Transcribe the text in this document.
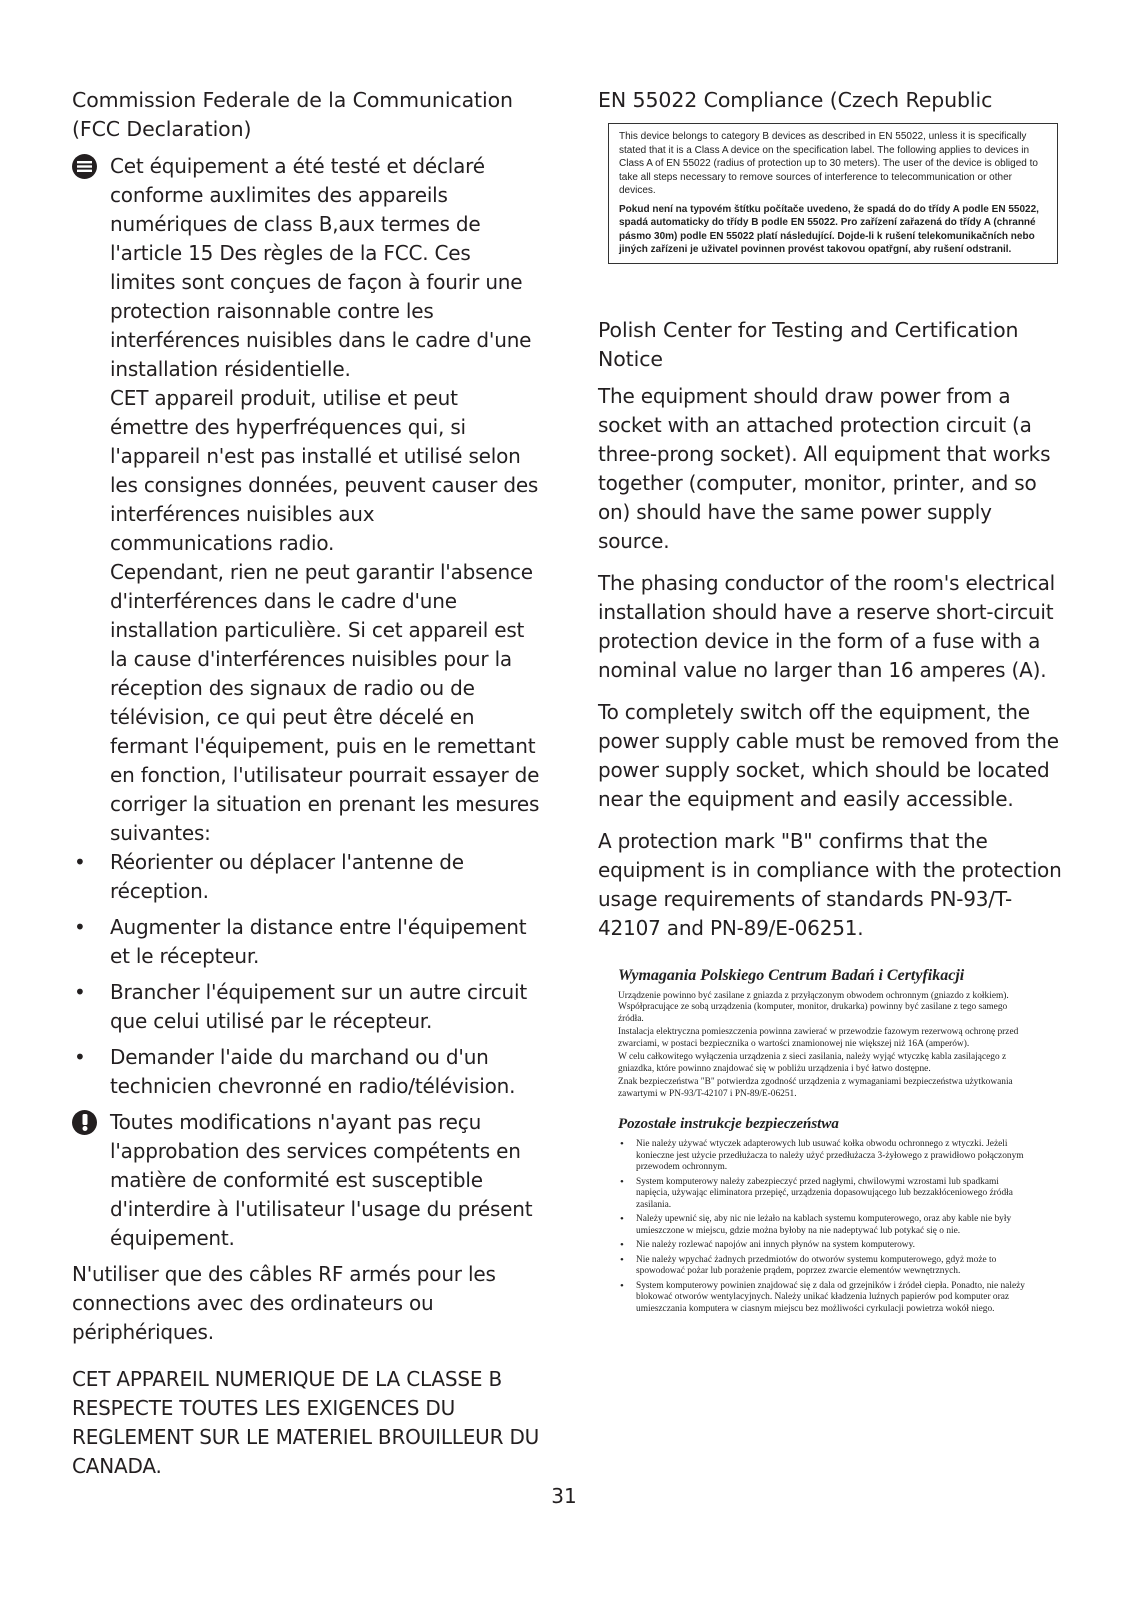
Commission Federale de la Communication (FCC Declaration)

Cet équipement a été testé et déclaré conforme auxlimites des appareils numériques de class B,aux termes de l'article 15 Des règles de la FCC. Ces limites sont conçues de façon à fourir une protection raisonnable contre les interférences nuisibles dans le cadre d'une installation résidentielle.

CET appareil produit, utilise et peut émettre des hyperfréquences qui, si l'appareil n'est pas installé et utilisé selon les consignes données, peuvent causer des interférences nuisibles aux communications radio.

Cependant, rien ne peut garantir l'absence d'interférences dans le cadre d'une installation particulière. Si cet appareil est la cause d'interférences nuisibles pour la réception des signaux de radio ou de télévision, ce qui peut être décelé en fermant l'équipement, puis en le remettant en fonction, l'utilisateur pourrait essayer de corriger la situation en prenant les mesures suivantes:

• Réorienter ou déplacer l'antenne de réception.
• Augmenter la distance entre l'équipement et le récepteur.
• Brancher l'équipement sur un autre circuit que celui utilisé par le récepteur.
• Demander l'aide du marchand ou d'un technicien chevronné en radio/télévision.

Toutes modifications n'ayant pas reçu l'approbation des services compétents en matière de conformité est susceptible d'interdire à l'utilisateur l'usage du présent équipement.

N'utiliser que des câbles RF armés pour les connections avec des ordinateurs ou périphériques.

CET APPAREIL NUMERIQUE DE LA CLASSE B RESPECTE TOUTES LES EXIGENCES DU REGLEMENT SUR LE MATERIEL BROUILLEUR DU CANADA.

EN 55022 Compliance (Czech Republic

This device belongs to category B devices as described in EN 55022, unless it is specifically stated that it is a Class A device on the specification label. The following applies to devices in Class A of EN 55022 (radius of protection up to 30 meters). The user of the device is obliged to take all steps necessary to remove sources of interference to telecommunication or other devices.

Pokud není na typovém štítku počítače uvedeno, že spadá do do třídy A podle EN 55022, spadá automaticky do třídy B podle EN 55022. Pro zařízení zařazená do třídy A (chranné pásmo 30m) podle EN 55022 platí následující. Dojde-li k rušení telekomunikačních nebo jiných zařízeni je uživatel povinnen provést takovou opatřgní, aby rušení odstranil.

Polish Center for Testing and Certification Notice

The equipment should draw power from a socket with an attached protection circuit (a three-prong socket). All equipment that works together (computer, monitor, printer, and so on) should have the same power supply source.

The phasing conductor of the room's electrical installation should have a reserve short-circuit protection device in the form of a fuse with a nominal value no larger than 16 amperes (A).

To completely switch off the equipment, the power supply cable must be removed from the power supply socket, which should be located near the equipment and easily accessible.

A protection mark "B" confirms that the equipment is in compliance with the protection usage requirements of standards PN-93/T-42107 and PN-89/E-06251.

Wymagania Polskiego Centrum Badań i Certyfikacji

Urządzenie powinno być zasilane z gniazda z przyłączonym obwodem ochronnym (gniazdo z kołkiem). Współpracujące ze sobą urządzenia (komputer, monitor, drukarka) powinny być zasilane z tego samego źródła.

Instalacja elektryczna pomieszczenia powinna zawierać w przewodzie fazowym rezerwową ochronę przed zwarciami, w postaci bezpiecznika o wartości znamionowej nie większej niż 16A (amperów).

W celu całkowitego wyłączenia urządzenia z sieci zasilania, należy wyjąć wtyczkę kabla zasilającego z gniazdka, które powinno znajdować się w pobliżu urządzenia i być łatwo dostępne.

Znak bezpieczeństwa "B" potwierdza zgodność urządzenia z wymaganiami bezpieczeństwa użytkowania zawartymi w PN-93/T-42107 i PN-89/E-06251.

Pozostałe instrukcje bezpieczeństwa
• Nie należy używać wtyczek adapterowych lub usuwać kołka obwodu ochronnego z wtyczki. Jeżeli konieczne jest użycie przedłużacza to należy użyć przedłużacza 3-żyłowego z prawidłowo połączonym przewodem ochronnym.
• System komputerowy należy zabezpieczyć przed nagłymi, chwilowymi wzrostami lub spadkami napięcia, używając eliminatora przepięć, urządzenia dopasowującego lub bezzakłóceniowego źródła zasilania.
• Należy upewnić się, aby nic nie leżało na kablach systemu komputerowego, oraz aby kable nie były umieszczone w miejscu, gdzie można byłoby na nie nadeptywać lub potykać się o nie.
• Nie należy rozlewać napojów ani innych płynów na system komputerowy.
• Nie należy wpychać żadnych przedmiotów do otworów systemu komputerowego, gdyż może to spowodować pożar lub porażenie prądem, poprzez zwarcie elementów wewnętrznych.
• System komputerowy powinien znajdować się z dala od grzejników i źródeł ciepła. Ponadto, nie należy blokować otworów wentylacyjnych. Należy unikać kładzenia luźnych papierów pod komputer oraz umieszczania komputera w ciasnym miejscu bez możliwości cyrkulacji powietrza wokół niego.
31
